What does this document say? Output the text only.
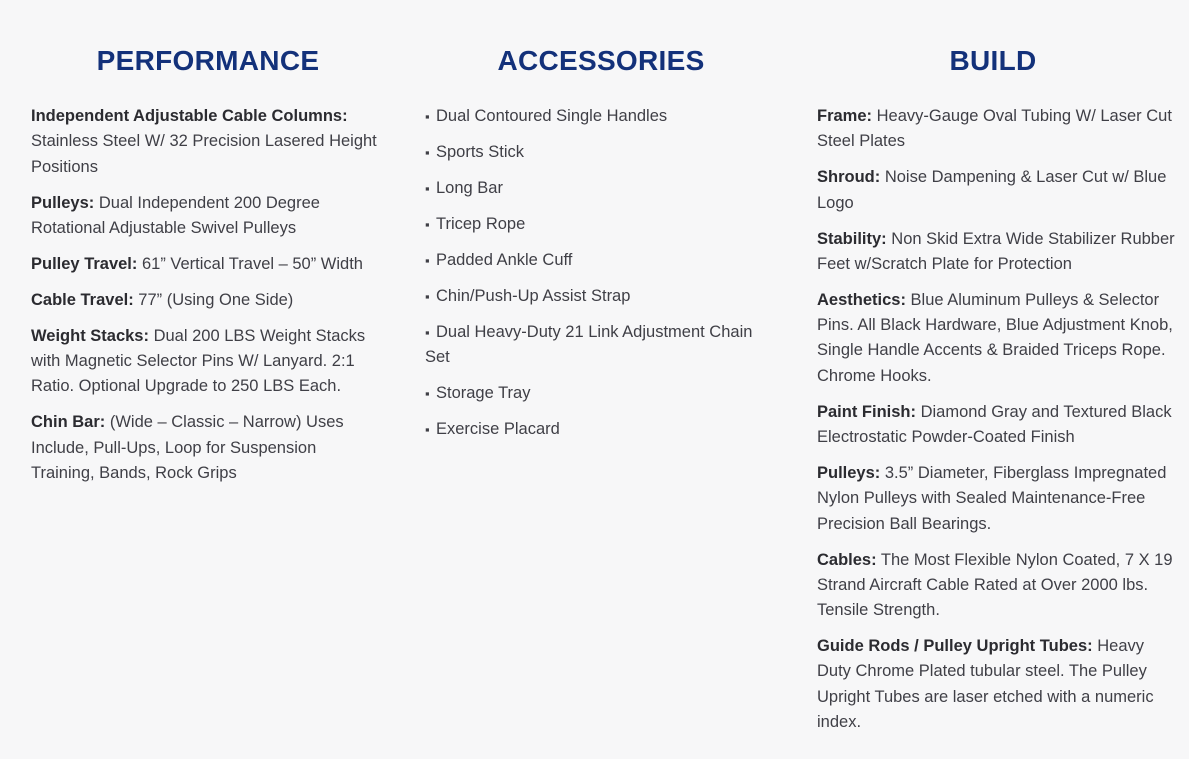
PERFORMANCE
Independent Adjustable Cable Columns: Stainless Steel W/ 32 Precision Lasered Height Positions
Pulleys: Dual Independent 200 Degree Rotational Adjustable Swivel Pulleys
Pulley Travel: 61” Vertical Travel – 50” Width
Cable Travel: 77” (Using One Side)
Weight Stacks: Dual 200 LBS Weight Stacks with Magnetic Selector Pins W/ Lanyard. 2:1 Ratio. Optional Upgrade to 250 LBS Each.
Chin Bar: (Wide – Classic – Narrow) Uses Include, Pull-Ups, Loop for Suspension Training, Bands, Rock Grips
ACCESSORIES
▪ Dual Contoured Single Handles
▪ Sports Stick
▪ Long Bar
▪ Tricep Rope
▪ Padded Ankle Cuff
▪ Chin/Push-Up Assist Strap
▪ Dual Heavy-Duty 21 Link Adjustment Chain Set
▪ Storage Tray
▪ Exercise Placard
BUILD
Frame: Heavy-Gauge Oval Tubing W/ Laser Cut Steel Plates
Shroud: Noise Dampening & Laser Cut w/ Blue Logo
Stability: Non Skid Extra Wide Stabilizer Rubber Feet w/Scratch Plate for Protection
Aesthetics: Blue Aluminum Pulleys & Selector Pins. All Black Hardware, Blue Adjustment Knob, Single Handle Accents & Braided Triceps Rope. Chrome Hooks.
Paint Finish: Diamond Gray and Textured Black Electrostatic Powder-Coated Finish
Pulleys: 3.5” Diameter, Fiberglass Impregnated Nylon Pulleys with Sealed Maintenance-Free Precision Ball Bearings.
Cables: The Most Flexible Nylon Coated, 7 X 19 Strand Aircraft Cable Rated at Over 2000 lbs. Tensile Strength.
Guide Rods / Pulley Upright Tubes: Heavy Duty Chrome Plated tubular steel. The Pulley Upright Tubes are laser etched with a numeric index.
